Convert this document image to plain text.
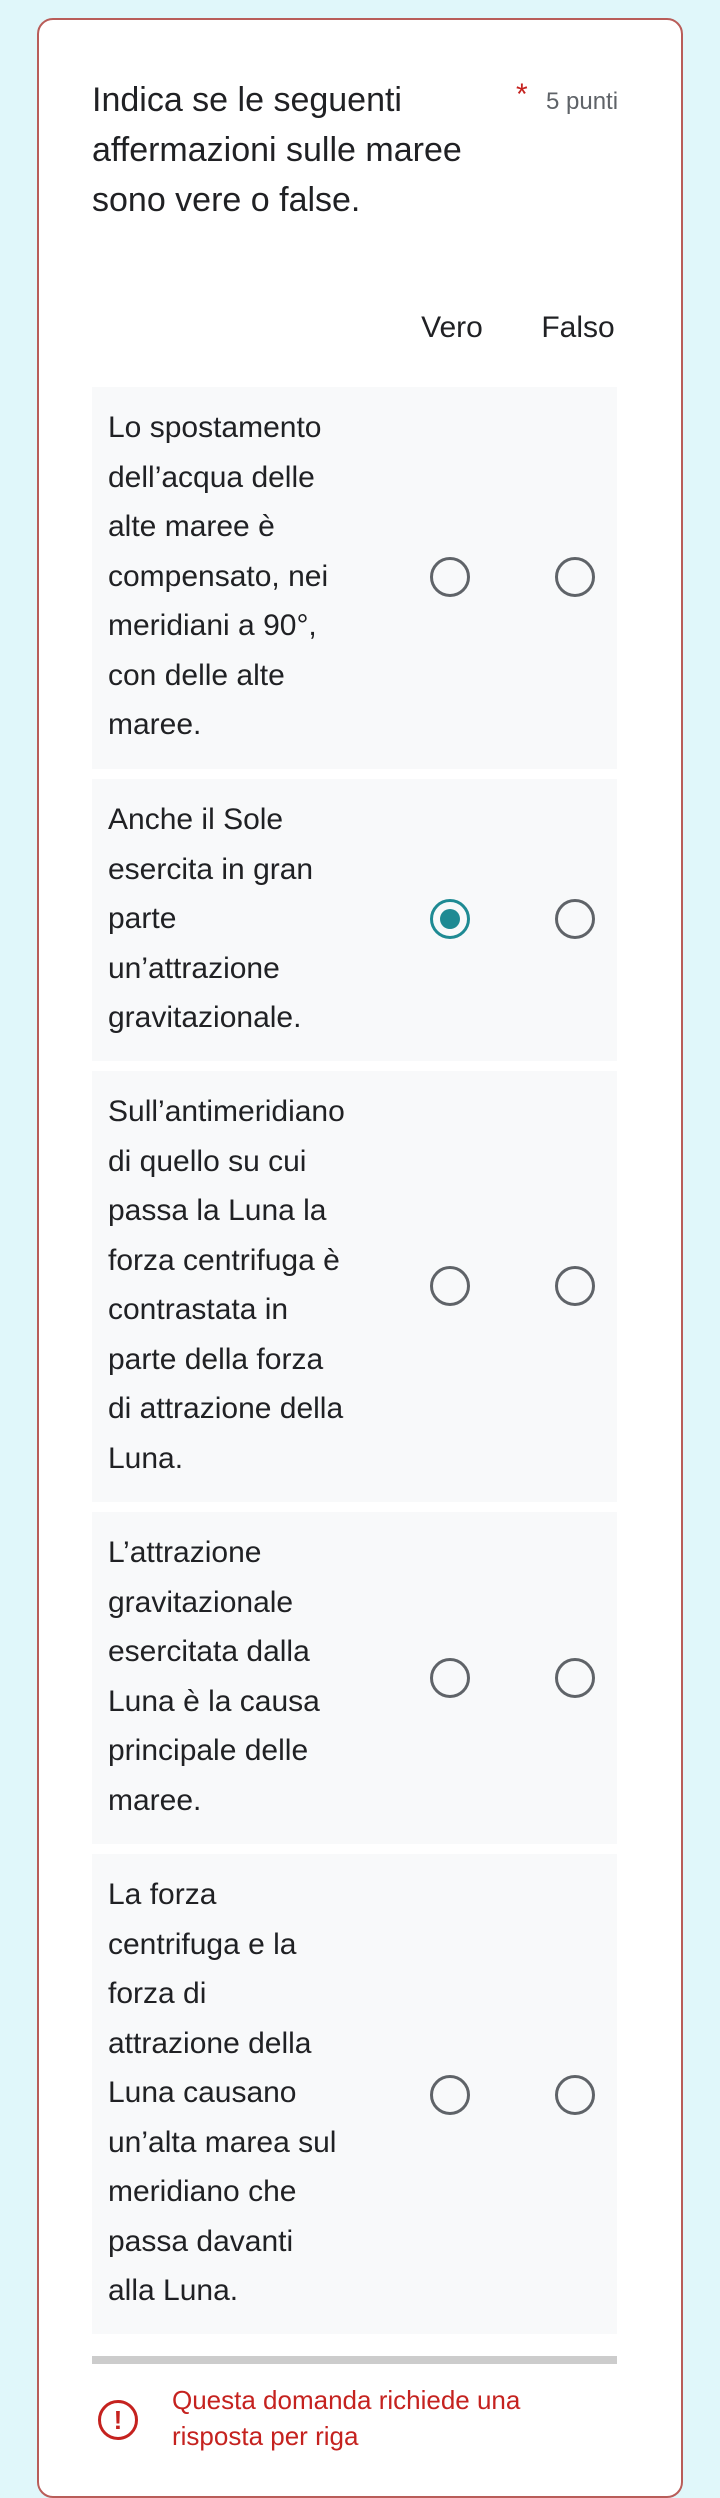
Indica se le seguenti affermazioni sulle maree sono vere o false.
* 5 punti
Vero	Falso
Lo spostamento
dell’acqua delle
alte maree è
compensato, nei
meridiani a 90°,
con delle alte
maree.
Anche il Sole
esercita in gran
parte
un’attrazione
gravitazionale.
Sull’antimeridiano
di quello su cui
passa la Luna la
forza centrifuga è
contrastata in
parte della forza
di attrazione della
Luna.
L’attrazione
gravitazionale
esercitata dalla
Luna è la causa
principale delle
maree.
La forza
centrifuga e la
forza di
attrazione della
Luna causano
un’alta marea sul
meridiano che
passa davanti
alla Luna.
!
Questa domanda richiede una risposta per riga
